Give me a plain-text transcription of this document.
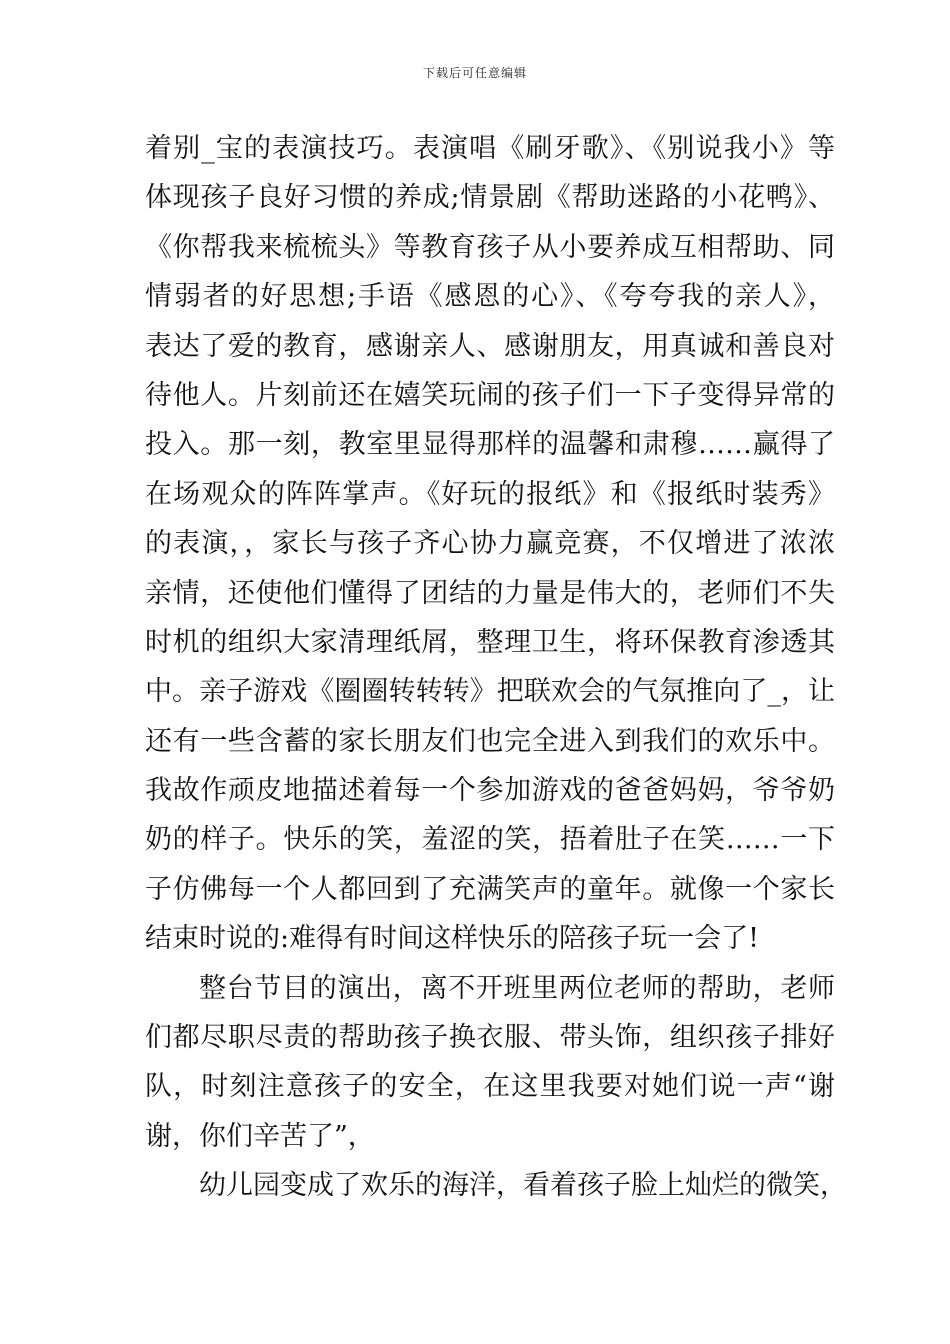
下载后可任意编辑
着别_宝的表演技巧。表演唱《刷牙歌》、《别说我小》等
体现孩子良好习惯的养成;情景剧《帮助迷路的小花鸭》、
《你帮我来梳梳头》等教育孩子从小要养成互相帮助、同
情弱者的好思想;手语《感恩的心》、《夸夸我的亲人》，
表达了爱的教育，感谢亲人、感谢朋友，用真诚和善良对
待他人。片刻前还在嬉笑玩闹的孩子们一下子变得异常的
投入。那一刻，教室里显得那样的温馨和肃穆……赢得了
在场观众的阵阵掌声。《好玩的报纸》和《报纸时装秀》
的表演，，家长与孩子齐心协力赢竞赛，不仅增进了浓浓
亲情，还使他们懂得了团结的力量是伟大的，老师们不失
时机的组织大家清理纸屑，整理卫生，将环保教育渗透其
中。亲子游戏《圈圈转转转》把联欢会的气氛推向了_，让
还有一些含蓄的家长朋友们也完全进入到我们的欢乐中。
我故作顽皮地描述着每一个参加游戏的爸爸妈妈，爷爷奶
奶的样子。快乐的笑，羞涩的笑，捂着肚子在笑……一下
子仿佛每一个人都回到了充满笑声的童年。就像一个家长
结束时说的:难得有时间这样快乐的陪孩子玩一会了!
整台节目的演出，离不开班里两位老师的帮助，老师
们都尽职尽责的帮助孩子换衣服、带头饰，组织孩子排好
队，时刻注意孩子的安全，在这里我要对她们说一声“谢
谢，你们辛苦了”，
幼儿园变成了欢乐的海洋，看着孩子脸上灿烂的微笑，
